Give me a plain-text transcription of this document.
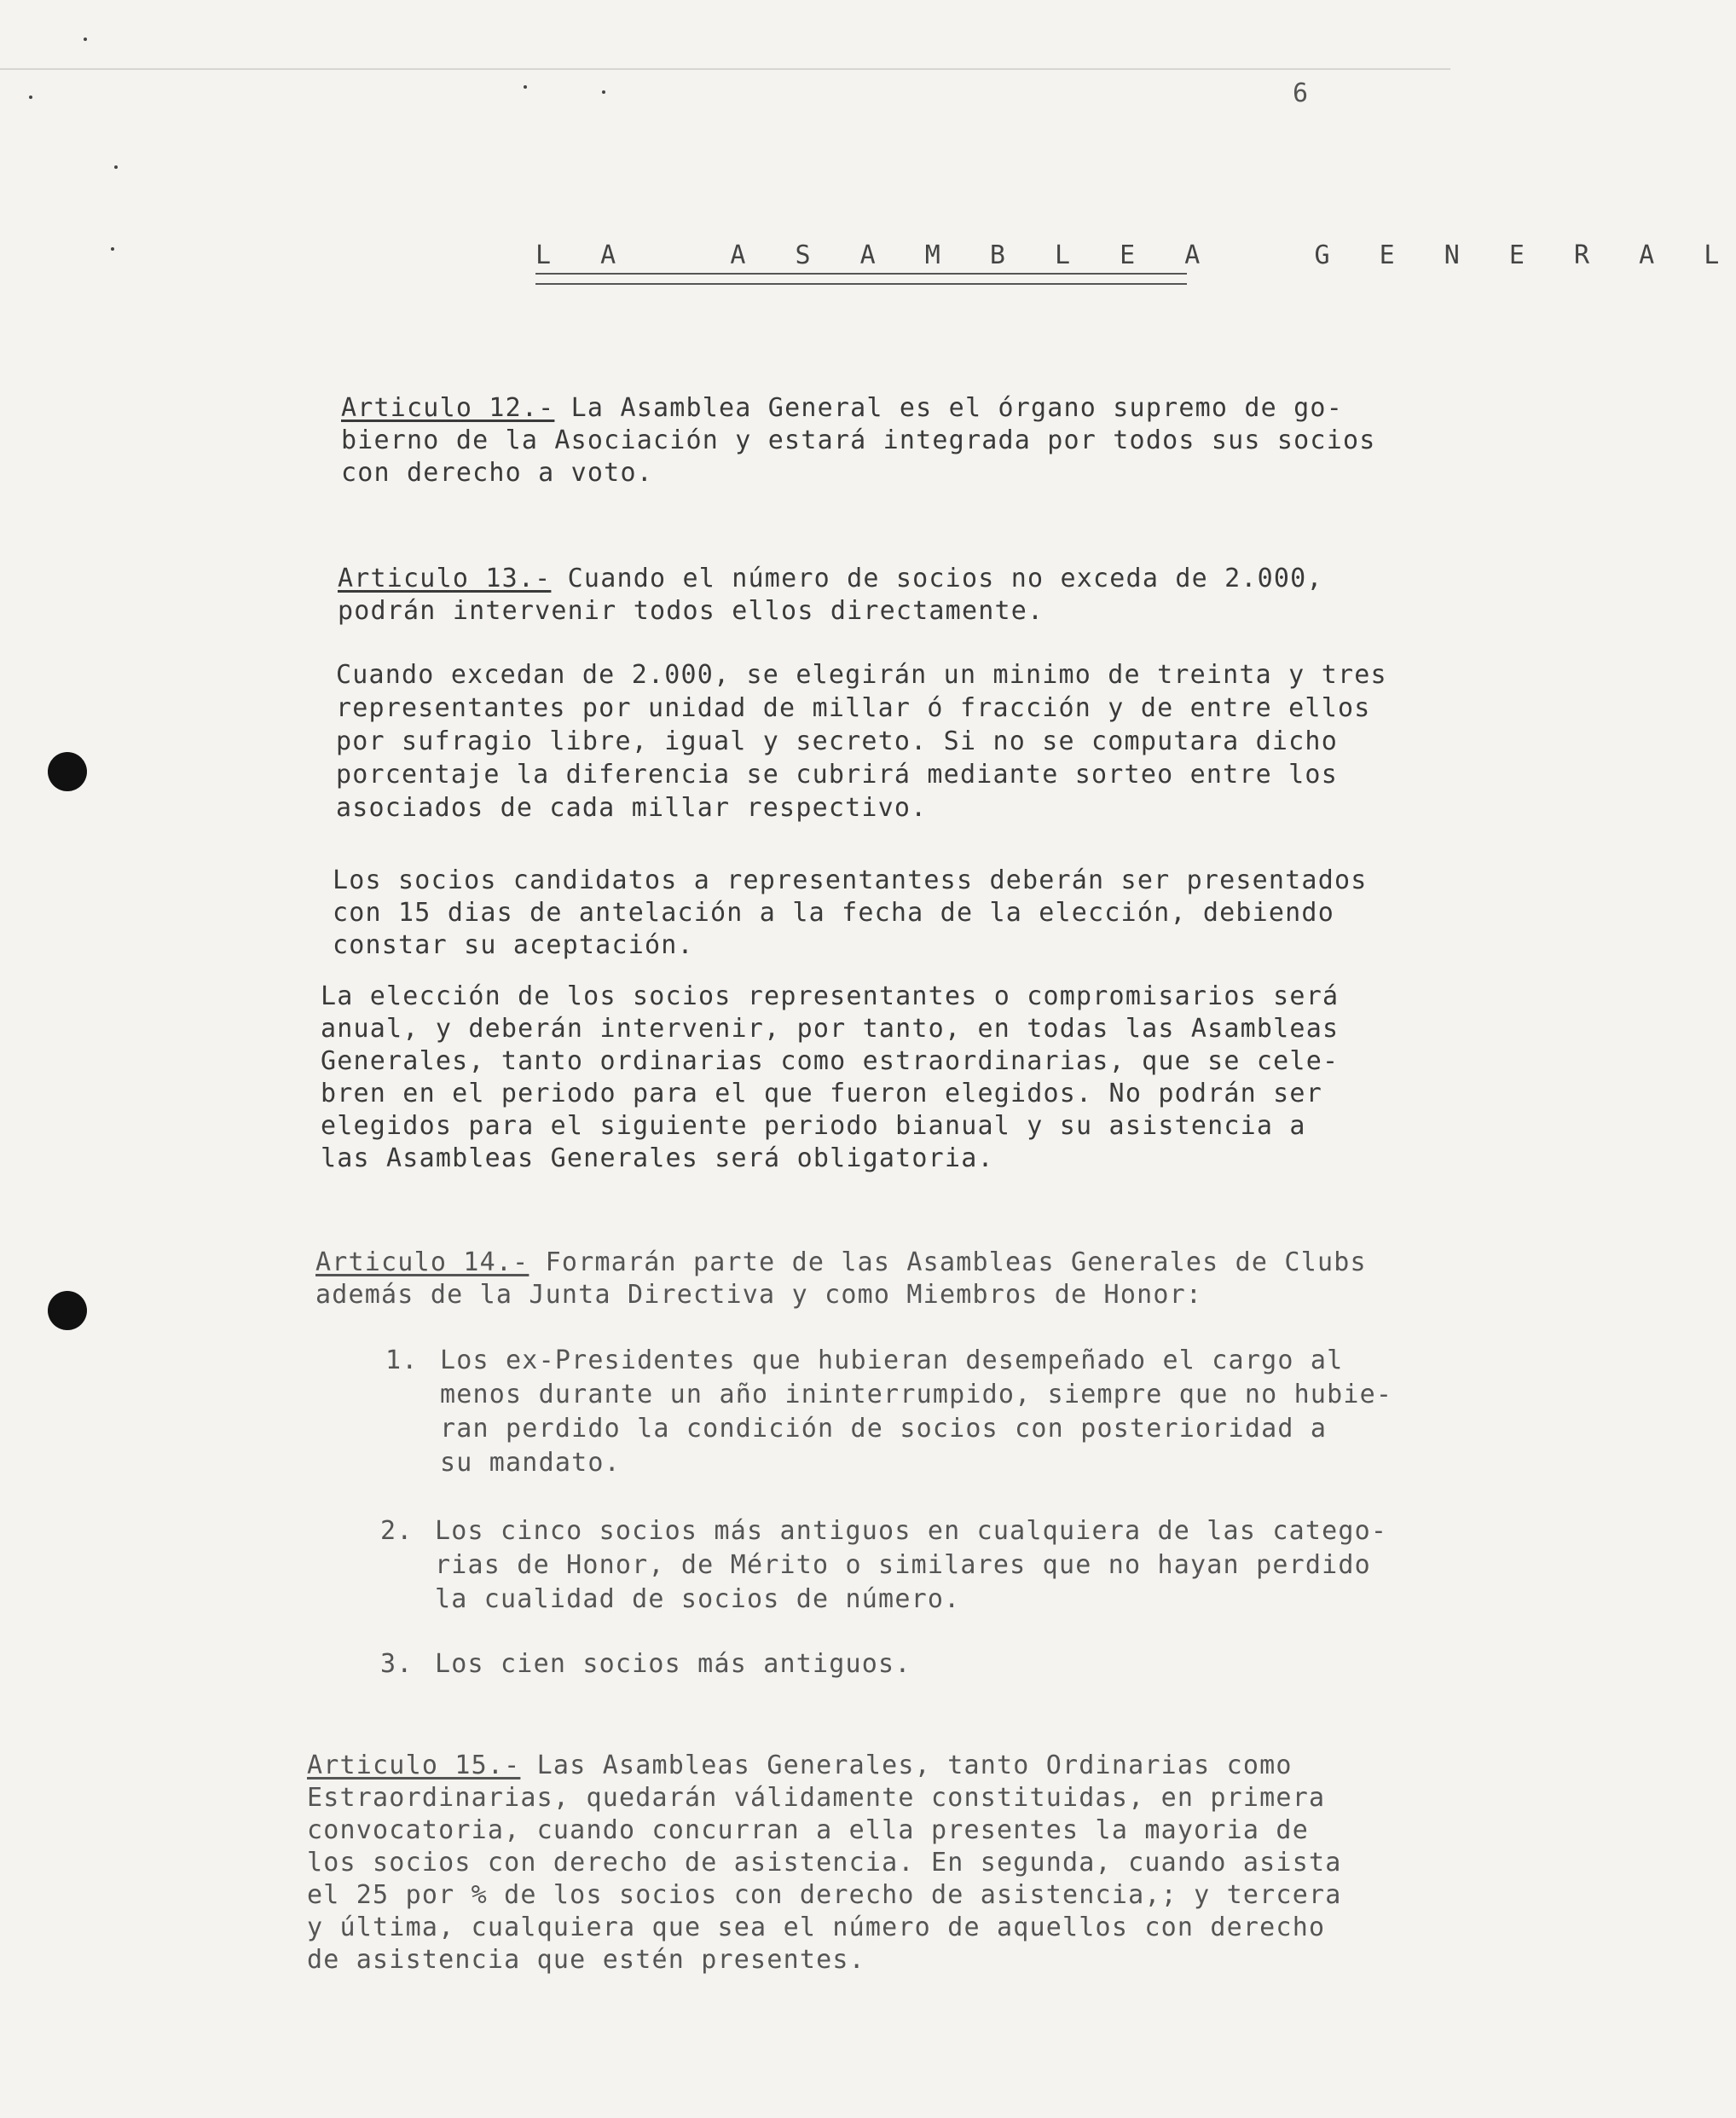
6
L A   A S A M B L E A   G E N E R A L
Articulo 12.- La Asamblea General es el órgano supremo de go-
bierno de la Asociación y estará integrada por todos sus socios
con derecho a voto.
Articulo 13.- Cuando el número de socios no exceda de 2.000,
podrán intervenir todos ellos directamente.
Cuando excedan de 2.000, se elegirán un minimo de treinta y tres
representantes por unidad de millar ó fracción y de entre ellos
por sufragio libre, igual y secreto. Si no se computara dicho
porcentaje la diferencia se cubrirá mediante sorteo entre los
asociados de cada millar respectivo.
Los socios candidatos a representantess deberán ser presentados
con 15 dias de antelación a la fecha de la elección, debiendo
constar su aceptación.
La elección de los socios representantes o compromisarios será
anual, y deberán intervenir, por tanto, en todas las Asambleas
Generales, tanto ordinarias como estraordinarias, que se cele-
bren en el periodo para el que fueron elegidos. No podrán ser
elegidos para el siguiente periodo bianual y su asistencia a
las Asambleas Generales será obligatoria.
Articulo 14.- Formarán parte de las Asambleas Generales de Clubs
además de la Junta Directiva y como Miembros de Honor:
1. Los ex-Presidentes que hubieran desempeñado el cargo al
menos durante un año ininterrumpido, siempre que no hubie-
ran perdido la condición de socios con posterioridad a
su mandato.
2. Los cinco socios más antiguos en cualquiera de las catego-
rias de Honor, de Mérito o similares que no hayan perdido
la cualidad de socios de número.
3. Los cien socios más antiguos.
Articulo 15.- Las Asambleas Generales, tanto Ordinarias como
Estraordinarias, quedarán válidamente constituidas, en primera
convocatoria, cuando concurran a ella presentes la mayoria de
los socios con derecho de asistencia. En segunda, cuando asista
el 25 por % de los socios con derecho de asistencia,; y tercera
y última, cualquiera que sea el número de aquellos con derecho
de asistencia que estén presentes.
